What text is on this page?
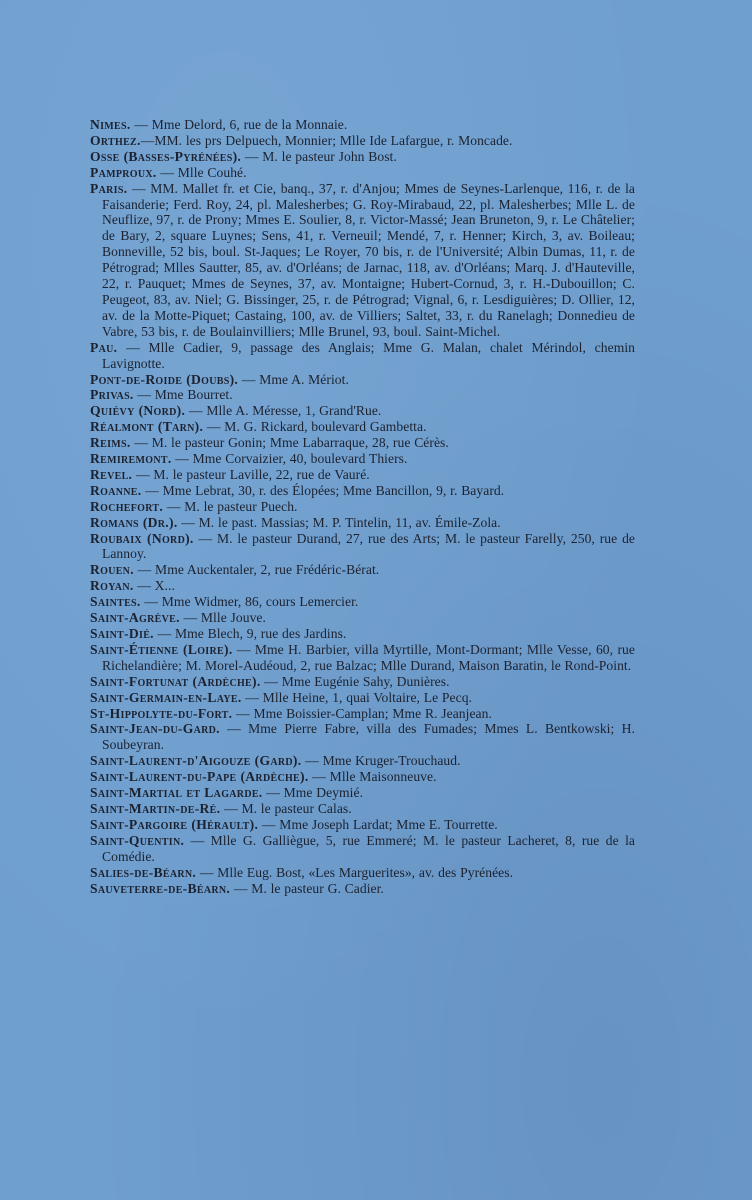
Nimes. — Mme Delord, 6, rue de la Monnaie.

Orthez.—MM. les prs Delpuech, Monnier; Mlle Ide Lafargue, r. Moncade.

Osse (Basses-Pyrénées). — M. le pasteur John Bost.

Pamproux. — Mlle Couhé.

Paris. — MM. Mallet fr. et Cie, banq., 37, r. d'Anjou; Mmes de Seynes-Larlenque, 116, r. de la Faisanderie; Ferd. Roy, 24, pl. Malesherbes; G. Roy-Mirabaud, 22, pl. Malesherbes; Mlle L. de Neuflize, 97, r. de Prony; Mmes E. Soulier, 8, r. Victor-Massé; Jean Bruneton, 9, r. Le Châtelier; de Bary, 2, square Luynes; Sens, 41, r. Verneuil; Mendé, 7, r. Henner; Kirch, 3, av. Boileau; Bonneville, 52 bis, boul. St-Jaques; Le Royer, 70 bis, r. de l'Université; Albin Dumas, 11, r. de Pétrograd; Mlles Sautter, 85, av. d'Orléans; de Jarnac, 118, av. d'Orléans; Marq. J. d'Hauteville, 22, r. Pauquet; Mmes de Seynes, 37, av. Montaigne; Hubert-Cornud, 3, r. H.-Dubouillon; C. Peugeot, 83, av. Niel; G. Bissinger, 25, r. de Pétrograd; Vignal, 6, r. Lesdiguières; D. Ollier, 12, av. de la Motte-Piquet; Castaing, 100, av. de Villiers; Saltet, 33, r. du Ranelagh; Donnedieu de Vabre, 53 bis, r. de Boulainvilliers; Mlle Brunel, 93, boul. Saint-Michel.

Pau. — Mlle Cadier, 9, passage des Anglais; Mme G. Malan, chalet Mérindol, chemin Lavignotte.

Pont-de-Roide (Doubs). — Mme A. Mériot.

Privas. — Mme Bourret.

Quiévy (Nord). — Mlle A. Méresse, 1, Grand'Rue.

Réalmont (Tarn). — M. G. Rickard, boulevard Gambetta.

Reims. — M. le pasteur Gonin; Mme Labarraque, 28, rue Cérès.

Remiremont. — Mme Corvaizier, 40, boulevard Thiers.

Revel. — M. le pasteur Laville, 22, rue de Vauré.

Roanne. — Mme Lebrat, 30, r. des Élopées; Mme Bancillon, 9, r. Bayard.

Rochefort. — M. le pasteur Puech.

Romans (Dr.). — M. le past. Massias; M. P. Tintelin, 11, av. Émile-Zola.

Roubaix (Nord). — M. le pasteur Durand, 27, rue des Arts; M. le pasteur Farelly, 250, rue de Lannoy.

Rouen. — Mme Auckentaler, 2, rue Frédéric-Bérat.

Royan. — X...

Saintes. — Mme Widmer, 86, cours Lemercier.

Saint-Agrève. — Mlle Jouve.

Saint-Dié. — Mme Blech, 9, rue des Jardins.

Saint-Étienne (Loire). — Mme H. Barbier, villa Myrtille, Mont-Dormant; Mlle Vesse, 60, rue Richelandière; M. Morel-Audéoud, 2, rue Balzac; Mlle Durand, Maison Baratin, le Rond-Point.

Saint-Fortunat (Ardèche). — Mme Eugénie Sahy, Dunières.

Saint-Germain-en-Laye. — Mlle Heine, 1, quai Voltaire, Le Pecq.

St-Hippolyte-du-Fort. — Mme Boissier-Camplan; Mme R. Jeanjean.

Saint-Jean-du-Gard. — Mme Pierre Fabre, villa des Fumades; Mmes L. Bentkowski; H. Soubeyran.

Saint-Laurent-d'Aigouze (Gard). — Mme Kruger-Trouchaud.

Saint-Laurent-du-Pape (Ardèche). — Mlle Maisonneuve.

Saint-Martial et Lagarde. — Mme Deymié.

Saint-Martin-de-Ré. — M. le pasteur Calas.

Saint-Pargoire (Hérault). — Mme Joseph Lardat; Mme E. Tourrette.

Saint-Quentin. — Mlle G. Galliègue, 5, rue Emmeré; M. le pasteur Lacheret, 8, rue de la Comédie.

Salies-de-Béarn. — Mlle Eug. Bost, «Les Marguerites», av. des Pyrénées.

Sauveterre-de-Béarn. — M. le pasteur G. Cadier.
